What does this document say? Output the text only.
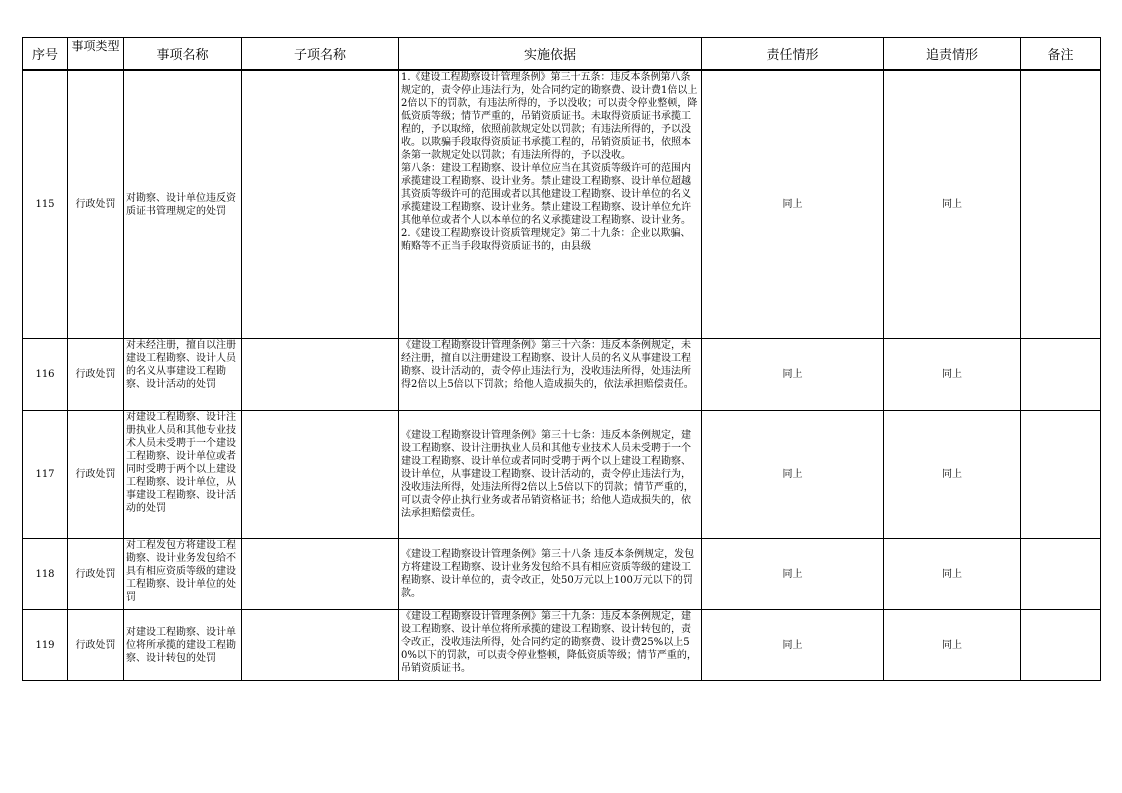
序号	事项类型	事项名称	子项名称	实施依据	责任情形	追责情形	备注
115	行政处罚	对勘察、设计单位违反资质证书管理规定的处罚		1.《建设工程勘察设计管理条例》第三十五条：违反本条例第八条规定的，责令停止违法行为，处合同约定的勘察费、设计费1倍以上2倍以下的罚款，有违法所得的，予以没收；可以责令停业整顿，降低资质等级；情节严重的，吊销资质证书。未取得资质证书承揽工程的，予以取缔，依照前款规定处以罚款；有违法所得的，予以没收。以欺骗手段取得资质证书承揽工程的，吊销资质证书，依照本条第一款规定处以罚款；有违法所得的，予以没收。
第八条：建设工程勘察、设计单位应当在其资质等级许可的范围内承揽建设工程勘察、设计业务。禁止建设工程勘察、设计单位超越其资质等级许可的范围或者以其他建设工程勘察、设计单位的名义承揽建设工程勘察、设计业务。禁止建设工程勘察、设计单位允许其他单位或者个人以本单位的名义承揽建设工程勘察、设计业务。
2.《建设工程勘察设计资质管理规定》第二十九条：企业以欺骗、贿赂等不正当手段取得资质证书的，由县级	同上	同上	
116	行政处罚	对未经注册，擅自以注册建设工程勘察、设计人员的名义从事建设工程勘察、设计活动的处罚		《建设工程勘察设计管理条例》第三十六条：违反本条例规定，未经注册，擅自以注册建设工程勘察、设计人员的名义从事建设工程勘察、设计活动的，责令停止违法行为，没收违法所得，处违法所得2倍以上5倍以下罚款；给他人造成损失的，依法承担赔偿责任。	同上	同上	
117	行政处罚	对建设工程勘察、设计注册执业人员和其他专业技术人员未受聘于一个建设工程勘察、设计单位或者同时受聘于两个以上建设工程勘察、设计单位，从事建设工程勘察、设计活动的处罚		《建设工程勘察设计管理条例》第三十七条：违反本条例规定，建设工程勘察、设计注册执业人员和其他专业技术人员未受聘于一个建设工程勘察、设计单位或者同时受聘于两个以上建设工程勘察、设计单位，从事建设工程勘察、设计活动的，责令停止违法行为，没收违法所得，处违法所得2倍以上5倍以下的罚款；情节严重的，可以责令停止执行业务或者吊销资格证书；给他人造成损失的，依法承担赔偿责任。	同上	同上	
118	行政处罚	对工程发包方将建设工程勘察、设计业务发包给不具有相应资质等级的建设工程勘察、设计单位的处罚		《建设工程勘察设计管理条例》第三十八条 违反本条例规定，发包方将建设工程勘察、设计业务发包给不具有相应资质等级的建设工程勘察、设计单位的，责令改正，处50万元以上100万元以下的罚款。	同上	同上	
119	行政处罚	对建设工程勘察、设计单位将所承揽的建设工程勘察、设计转包的处罚		《建设工程勘察设计管理条例》第三十九条：违反本条例规定，建设工程勘察、设计单位将所承揽的建设工程勘察、设计转包的，责令改正，没收违法所得，处合同约定的勘察费、设计费25%以上50%以下的罚款，可以责令停业整顿，降低资质等级；情节严重的，吊销资质证书。	同上	同上	
